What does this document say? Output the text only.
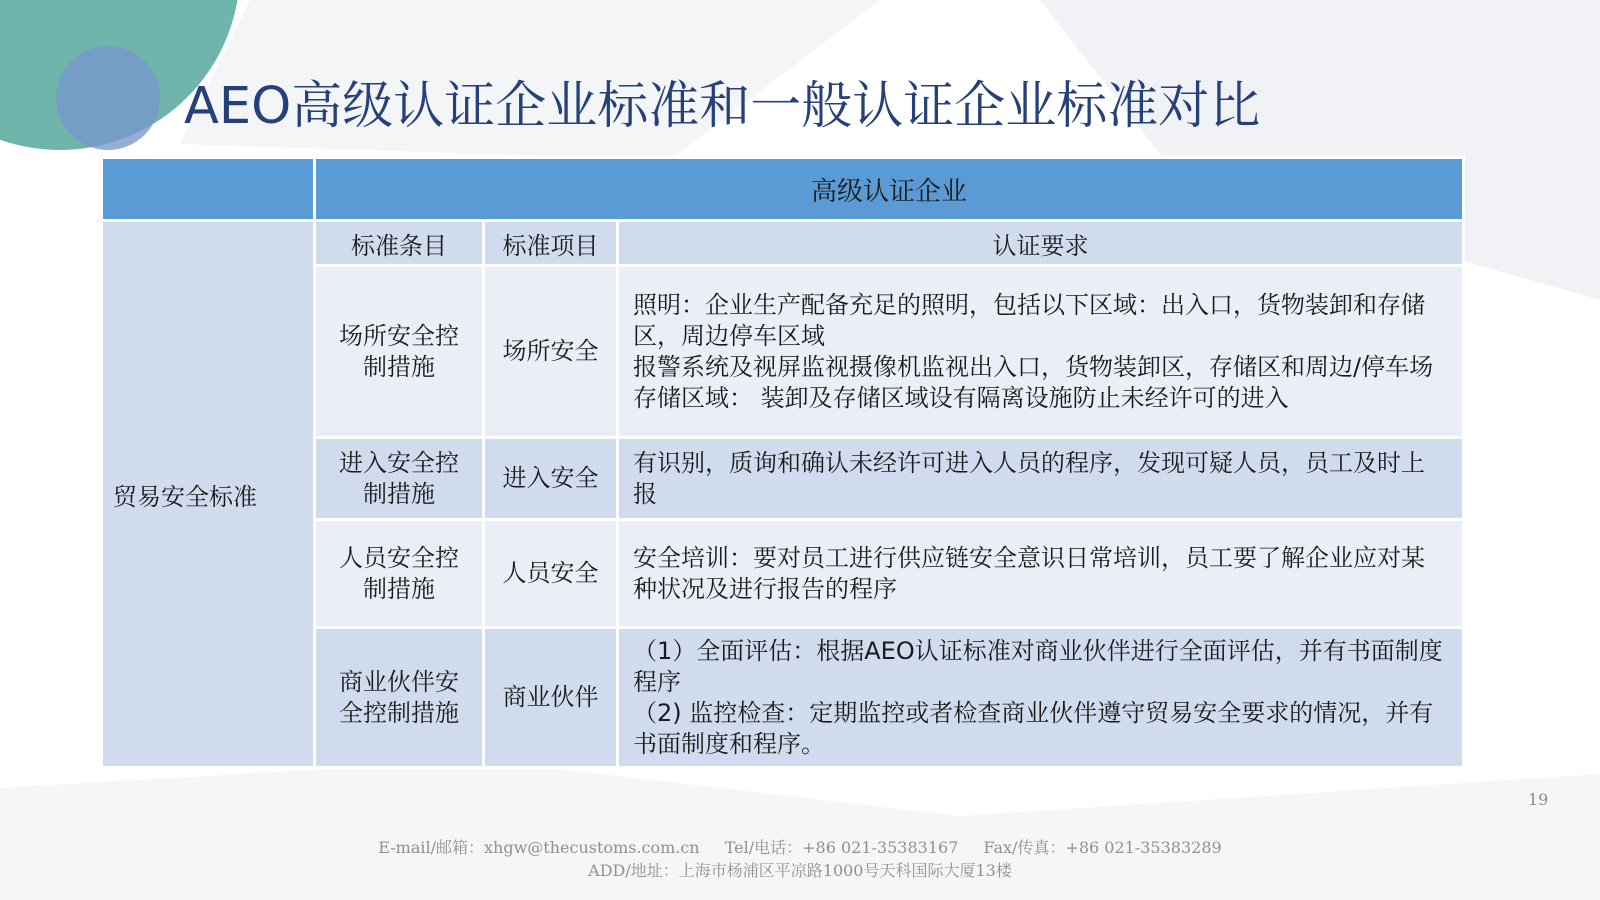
AEO高级认证企业标准和一般认证企业标准对比
	高级认证企业		
贸易安全标准	标准条目	标准项目	认证要求

	场所安全控制措施	场所安全	照明：企业生产配备充足的照明，包括以下区域：出入口，货物装卸和存储区，周边停车区域
报警系统及视屏监视摄像机监视出入口，货物装卸区，存储区和周边/停车场
存储区域： 装卸及存储区域设有隔离设施防止未经许可的进入

	进入安全控制措施	进入安全	有识别，质询和确认未经许可进入人员的程序，发现可疑人员，员工及时上报

	人员安全控制措施	人员安全	安全培训：要对员工进行供应链安全意识日常培训，员工要了解企业应对某种状况及进行报告的程序

	商业伙伴安全控制措施	商业伙伴	（1）全面评估：根据AEO认证标准对商业伙伴进行全面评估，并有书面制度程序
（2) 监控检查：定期监控或者检查商业伙伴遵守贸易安全要求的情况，并有书面制度和程序。
19
E-mail/邮箱：xhgw@thecustoms.com.cn Tel/电话：+86 021-35383167 Fax/传真：+86 021-35383289
ADD/地址：上海市杨浦区平凉路1000号天科国际大厦13楼
